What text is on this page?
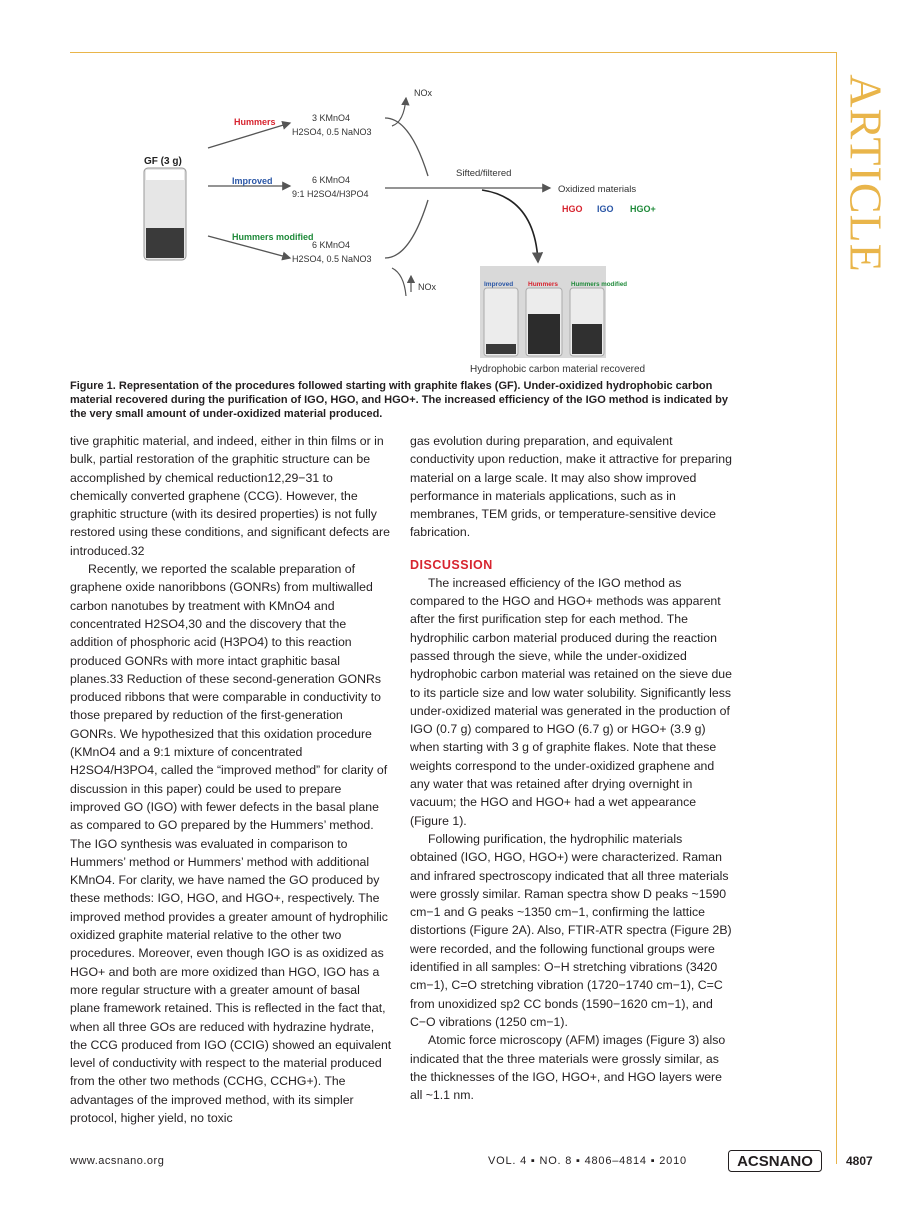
ARTICLE
GF (3 g)
Hummers
Improved
Hummers modified
3 KMnO4
H2SO4, 0.5 NaNO3
6 KMnO4
9:1 H2SO4/H3PO4
6 KMnO4
H2SO4, 0.5 NaNO3
NOx
NOx
Sifted/filtered
Oxidized materials
HGO IGO HGO+
Improved Hummers Hummers modified
Hydrophobic carbon material recovered
Figure 1. Representation of the procedures followed starting with graphite flakes (GF). Under-oxidized hydrophobic carbon material recovered during the purification of IGO, HGO, and HGO+. The increased efficiency of the IGO method is indicated by the very small amount of under-oxidized material produced.

tive graphitic material, and indeed, either in thin films or in bulk, partial restoration of the graphitic structure can be accomplished by chemical reduction12,29−31 to chemically converted graphene (CCG). However, the graphitic structure (with its desired properties) is not fully restored using these conditions, and significant defects are introduced.32

Recently, we reported the scalable preparation of graphene oxide nanoribbons (GONRs) from multiwalled carbon nanotubes by treatment with KMnO4 and concentrated H2SO4,30 and the discovery that the addition of phosphoric acid (H3PO4) to this reaction produced GONRs with more intact graphitic basal planes.33 Reduction of these second-generation GONRs produced ribbons that were comparable in conductivity to those prepared by reduction of the first-generation GONRs. We hypothesized that this oxidation procedure (KMnO4 and a 9:1 mixture of concentrated H2SO4/H3PO4, called the “improved method” for clarity of discussion in this paper) could be used to prepare improved GO (IGO) with fewer defects in the basal plane as compared to GO prepared by the Hummers’ method. The IGO synthesis was evaluated in comparison to Hummers’ method or Hummers’ method with additional KMnO4. For clarity, we have named the GO produced by these methods: IGO, HGO, and HGO+, respectively. The improved method provides a greater amount of hydrophilic oxidized graphite material relative to the other two procedures. Moreover, even though IGO is as oxidized as HGO+ and both are more oxidized than HGO, IGO has a more regular structure with a greater amount of basal plane framework retained. This is reflected in the fact that, when all three GOs are reduced with hydrazine hydrate, the CCG produced from IGO (CCIG) showed an equivalent level of conductivity with respect to the material produced from the other two methods (CCHG, CCHG+). The advantages of the improved method, with its simpler protocol, higher yield, no toxic

gas evolution during preparation, and equivalent conductivity upon reduction, make it attractive for preparing material on a large scale. It may also show improved performance in materials applications, such as in membranes, TEM grids, or temperature-sensitive device fabrication.

DISCUSSION

The increased efficiency of the IGO method as compared to the HGO and HGO+ methods was apparent after the first purification step for each method. The hydrophilic carbon material produced during the reaction passed through the sieve, while the under-oxidized hydrophobic carbon material was retained on the sieve due to its particle size and low water solubility. Significantly less under-oxidized material was generated in the production of IGO (0.7 g) compared to HGO (6.7 g) or HGO+ (3.9 g) when starting with 3 g of graphite flakes. Note that these weights correspond to the under-oxidized graphene and any water that was retained after drying overnight in vacuum; the HGO and HGO+ had a wet appearance (Figure 1).

Following purification, the hydrophilic materials obtained (IGO, HGO, HGO+) were characterized. Raman and infrared spectroscopy indicated that all three materials were grossly similar. Raman spectra show D peaks ~1590 cm−1 and G peaks ~1350 cm−1, confirming the lattice distortions (Figure 2A). Also, FTIR-ATR spectra (Figure 2B) were recorded, and the following functional groups were identified in all samples: O−H stretching vibrations (3420 cm−1), C=O stretching vibration (1720−1740 cm−1), C=C from unoxidized sp2 CC bonds (1590−1620 cm−1), and C−O vibrations (1250 cm−1).

Atomic force microscopy (AFM) images (Figure 3) also indicated that the three materials were grossly similar, as the thicknesses of the IGO, HGO+, and HGO layers were all ~1.1 nm.

www.acsnano.org	VOL. 4 ▪ NO. 8 ▪ 4806–4814 ▪ 2010	ACSNANO	4807
